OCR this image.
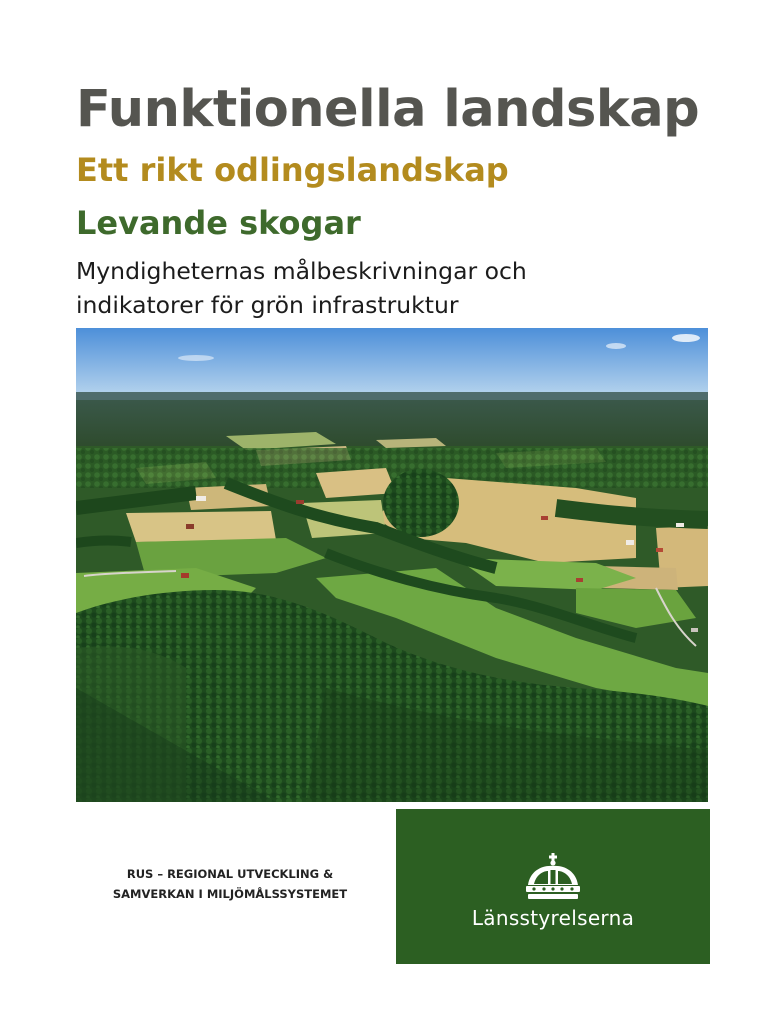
Funktionella landskap
Ett rikt odlingslandskap
Levande skogar

Myndigheternas målbeskrivningar och
indikatorer för grön infrastruktur

RUS – REGIONAL UTVECKLING &
SAMVERKAN I MILJÖMÅLSSYSTEMET
Länsstyrelserna
